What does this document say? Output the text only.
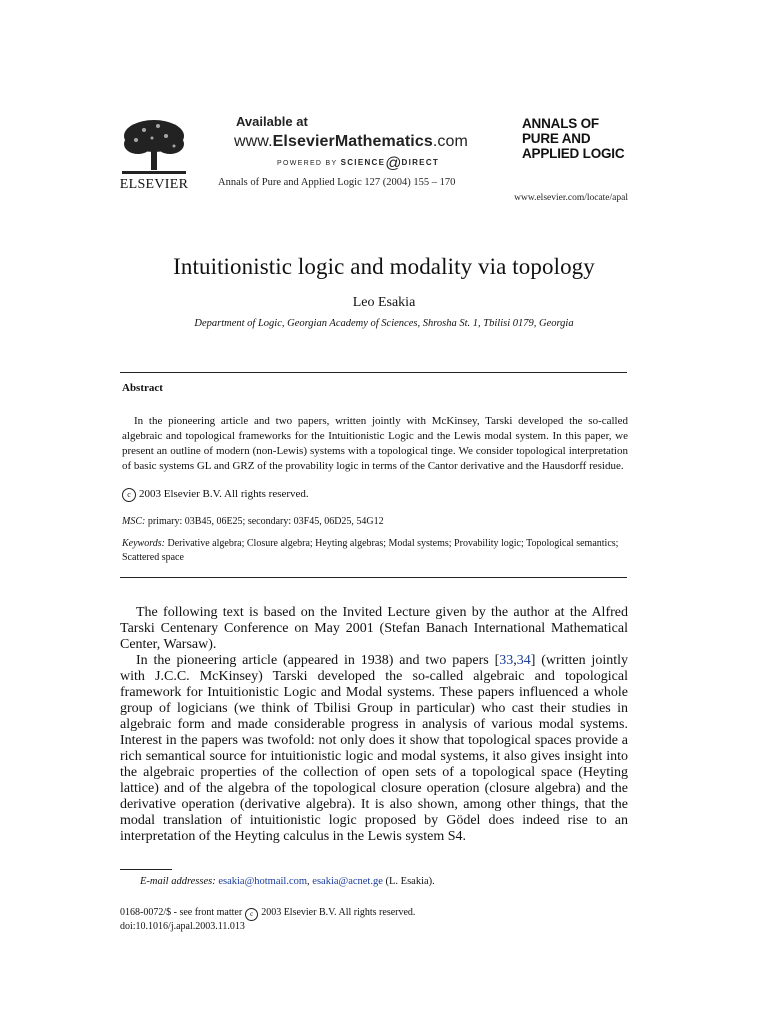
ELSEVIER
Available at
www.ElsevierMathematics.com
POWERED BY SCIENCE@DIRECT
Annals of Pure and Applied Logic 127 (2004) 155 – 170
ANNALS OF
PURE AND
APPLIED LOGIC
www.elsevier.com/locate/apal
Intuitionistic logic and modality via topology
Leo Esakia
Department of Logic, Georgian Academy of Sciences, Shrosha St. 1, Tbilisi 0179, Georgia
Abstract

In the pioneering article and two papers, written jointly with McKinsey, Tarski developed the so-called algebraic and topological frameworks for the Intuitionistic Logic and the Lewis modal system. In this paper, we present an outline of modern (non-Lewis) systems with a topological tinge. We consider topological interpretation of basic systems GL and GRZ of the provability logic in terms of the Cantor derivative and the Hausdorff residue.

c 2003 Elsevier B.V. All rights reserved.
MSC: primary: 03B45, 06E25; secondary: 03F45, 06D25, 54G12
Keywords: Derivative algebra; Closure algebra; Heyting algebras; Modal systems; Provability logic; Topological semantics; Scattered space

The following text is based on the Invited Lecture given by the author at the Alfred Tarski Centenary Conference on May 2001 (Stefan Banach International Mathematical Center, Warsaw).

In the pioneering article (appeared in 1938) and two papers [33,34] (written jointly with J.C.C. McKinsey) Tarski developed the so-called algebraic and topological framework for Intuitionistic Logic and Modal systems. These papers influenced a whole group of logicians (we think of Tbilisi Group in particular) who cast their studies in algebraic form and made considerable progress in analysis of various modal systems. Interest in the papers was twofold: not only does it show that topological spaces provide a rich semantical source for intuitionistic logic and modal systems, it also gives insight into the algebraic properties of the collection of open sets of a topological space (Heyting lattice) and of the algebra of the topological closure operation (closure algebra) and the derivative operation (derivative algebra). It is also shown, among other things, that the modal translation of intuitionistic logic proposed by Gödel does indeed rise to an interpretation of the Heyting calculus in the Lewis system S4.

E-mail addresses: esakia@hotmail.com, esakia@acnet.ge (L. Esakia).
0168-0072/$ - see front matter c 2003 Elsevier B.V. All rights reserved.
doi:10.1016/j.apal.2003.11.013
